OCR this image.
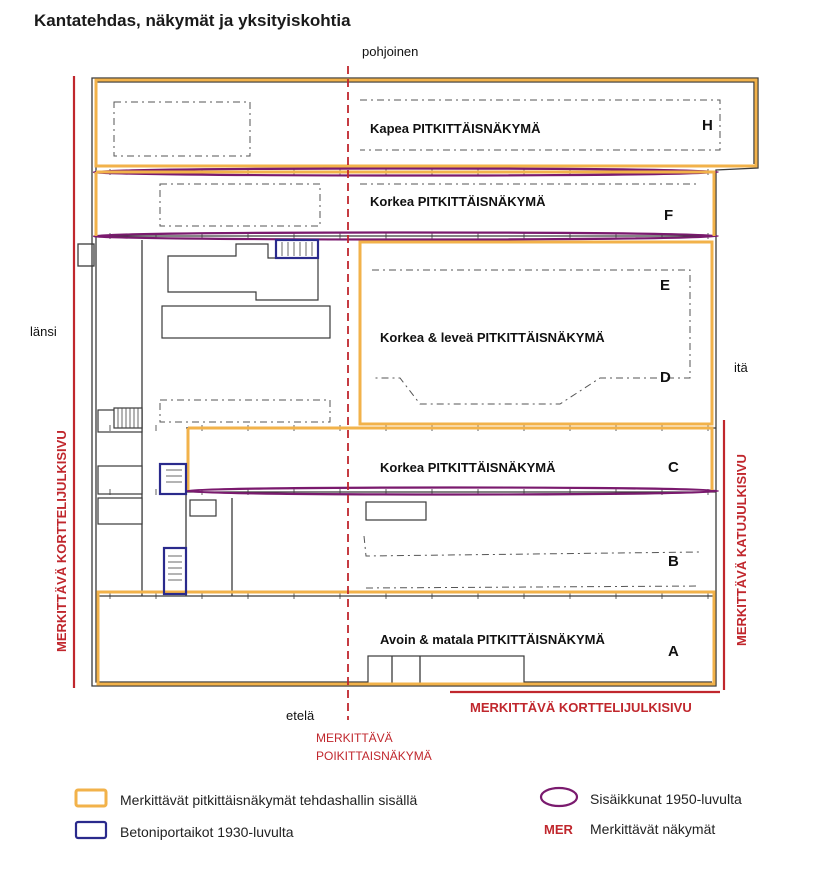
Kantatehdas, näkymät ja yksityiskohtia
Kapea PITKITTÄISNÄKYMÄ	H
Korkea PITKITTÄISNÄKYMÄ
F
E
Korkea & leveä PITKITTÄISNÄKYMÄ
D
Korkea PITKITTÄISNÄKYMÄ	C
B
Avoin & matala PITKITTÄISNÄKYMÄ
A
pohjoinen
etelä
länsi
itä
MERKITTÄVÄ KORTTELIJULKISIVU
MERKITTÄVÄ KORTTELIJULKISIVU
MERKITTÄVÄ KATUJULKISIVU
MERKITTÄVÄ
POIKITTAISNÄKYMÄ
Merkittävät pitkittäisnäkymät tehdashallin sisällä
Betoniportaikot 1930-luvulta
Sisäikkunat 1950-luvulta
MER Merkittävät näkymät
